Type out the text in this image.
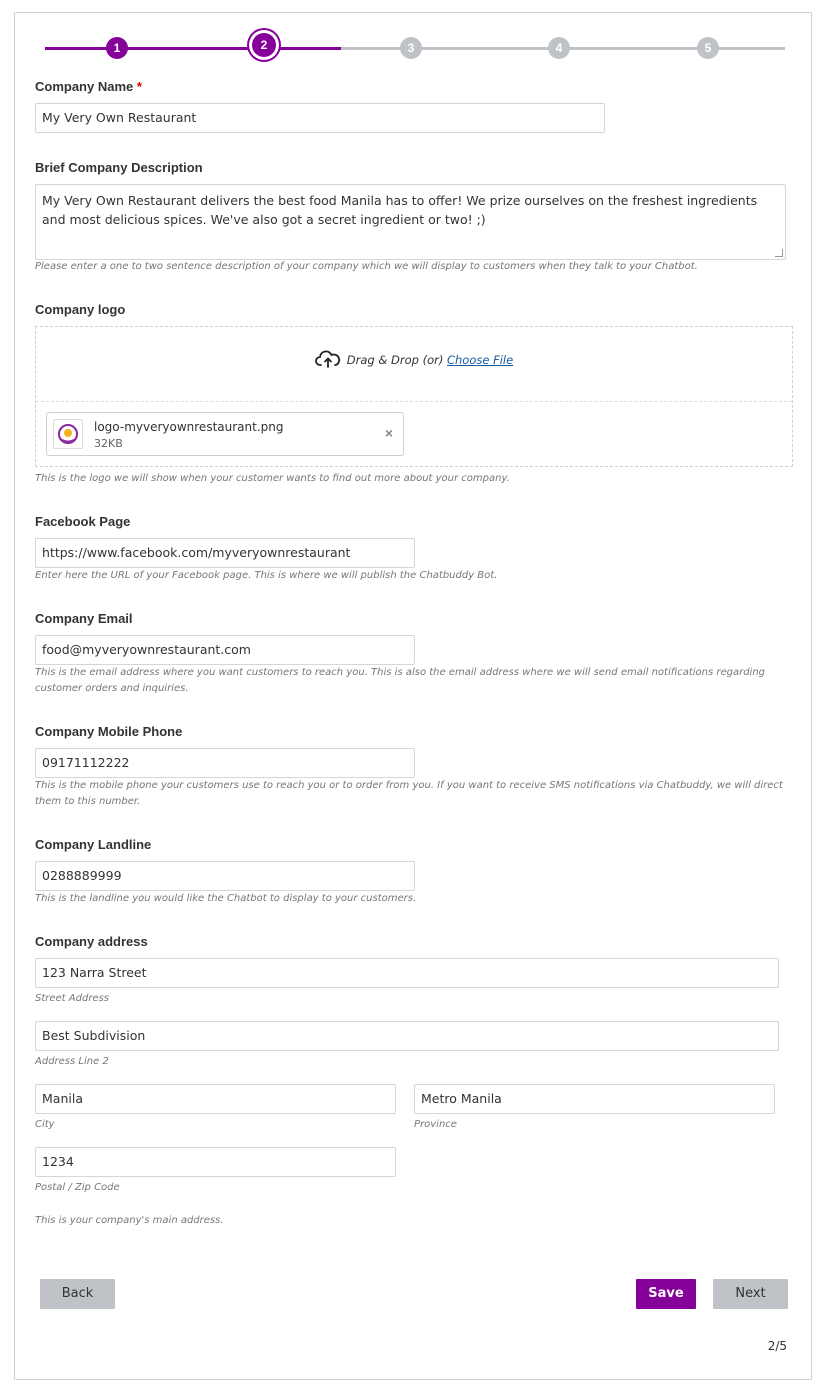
1	2	3	4	5
Company Name *
My Very Own Restaurant
Brief Company Description
My Very Own Restaurant delivers the best food Manila has to offer! We prize ourselves on the freshest ingredients and most delicious spices. We've also got a secret ingredient or two! ;)
Please enter a one to two sentence description of your company which we will display to customers when they talk to your Chatbot.
Company logo
Drag & Drop (or) Choose File
logo-myveryownrestaurant.png
32KB
×
This is the logo we will show when your customer wants to find out more about your company.
Facebook Page
https://www.facebook.com/myveryownrestaurant
Enter here the URL of your Facebook page. This is where we will publish the Chatbuddy Bot.
Company Email
food@myveryownrestaurant.com
This is the email address where you want customers to reach you. This is also the email address where we will send email notifications regarding customer orders and inquiries.
Company Mobile Phone
09171112222
This is the mobile phone your customers use to reach you or to order from you. If you want to receive SMS notifications via Chatbuddy, we will direct them to this number.
Company Landline
0288889999
This is the landline you would like the Chatbot to display to your customers.
Company address
123 Narra Street
Street Address
Best Subdivision
Address Line 2
Manila
City
Metro Manila
Province
1234
Postal / Zip Code
This is your company's main address.
Back	Save	Next
2/5
